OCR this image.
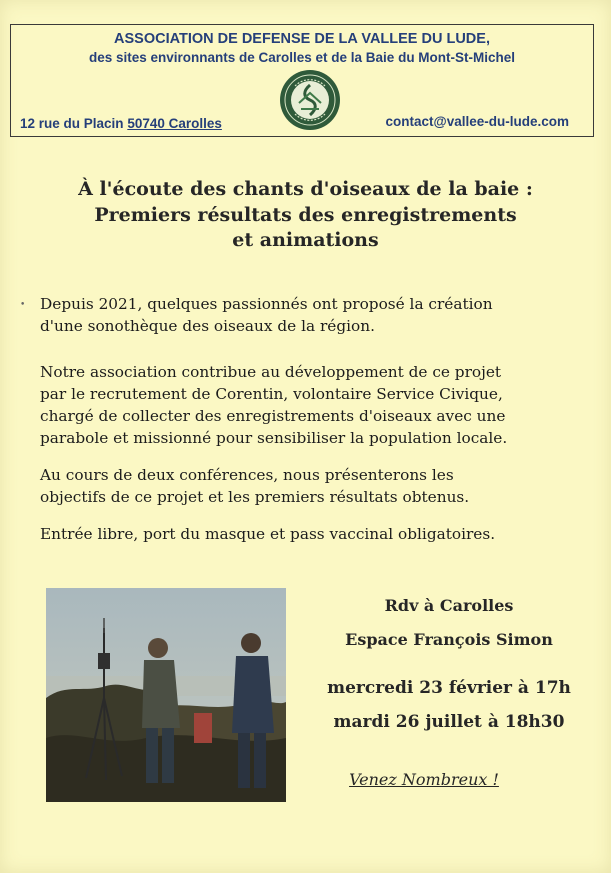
ASSOCIATION DE DEFENSE DE LA VALLEE DU LUDE,
des sites environnants de Carolles et de la Baie du Mont-St-Michel
12 rue du Placin 50740 Carolles	contact@vallee-du-lude.com
À l'écoute des chants d'oiseaux de la baie :
Premiers résultats des enregistrements
et animations
• Depuis 2021, quelques passionnés ont proposé la création
d'une sonothèque des oiseaux de la région.
Notre association contribue au développement de ce projet
par le recrutement de Corentin, volontaire Service Civique,
chargé de collecter des enregistrements d'oiseaux avec une
parabole et missionné pour sensibiliser la population locale.
Au cours de deux conférences, nous présenterons les
objectifs de ce projet et les premiers résultats obtenus.
Entrée libre, port du masque et pass vaccinal obligatoires.
Rdv à Carolles
Espace François Simon
mercredi 23 février à 17h
mardi 26 juillet à 18h30
Venez Nombreux !
